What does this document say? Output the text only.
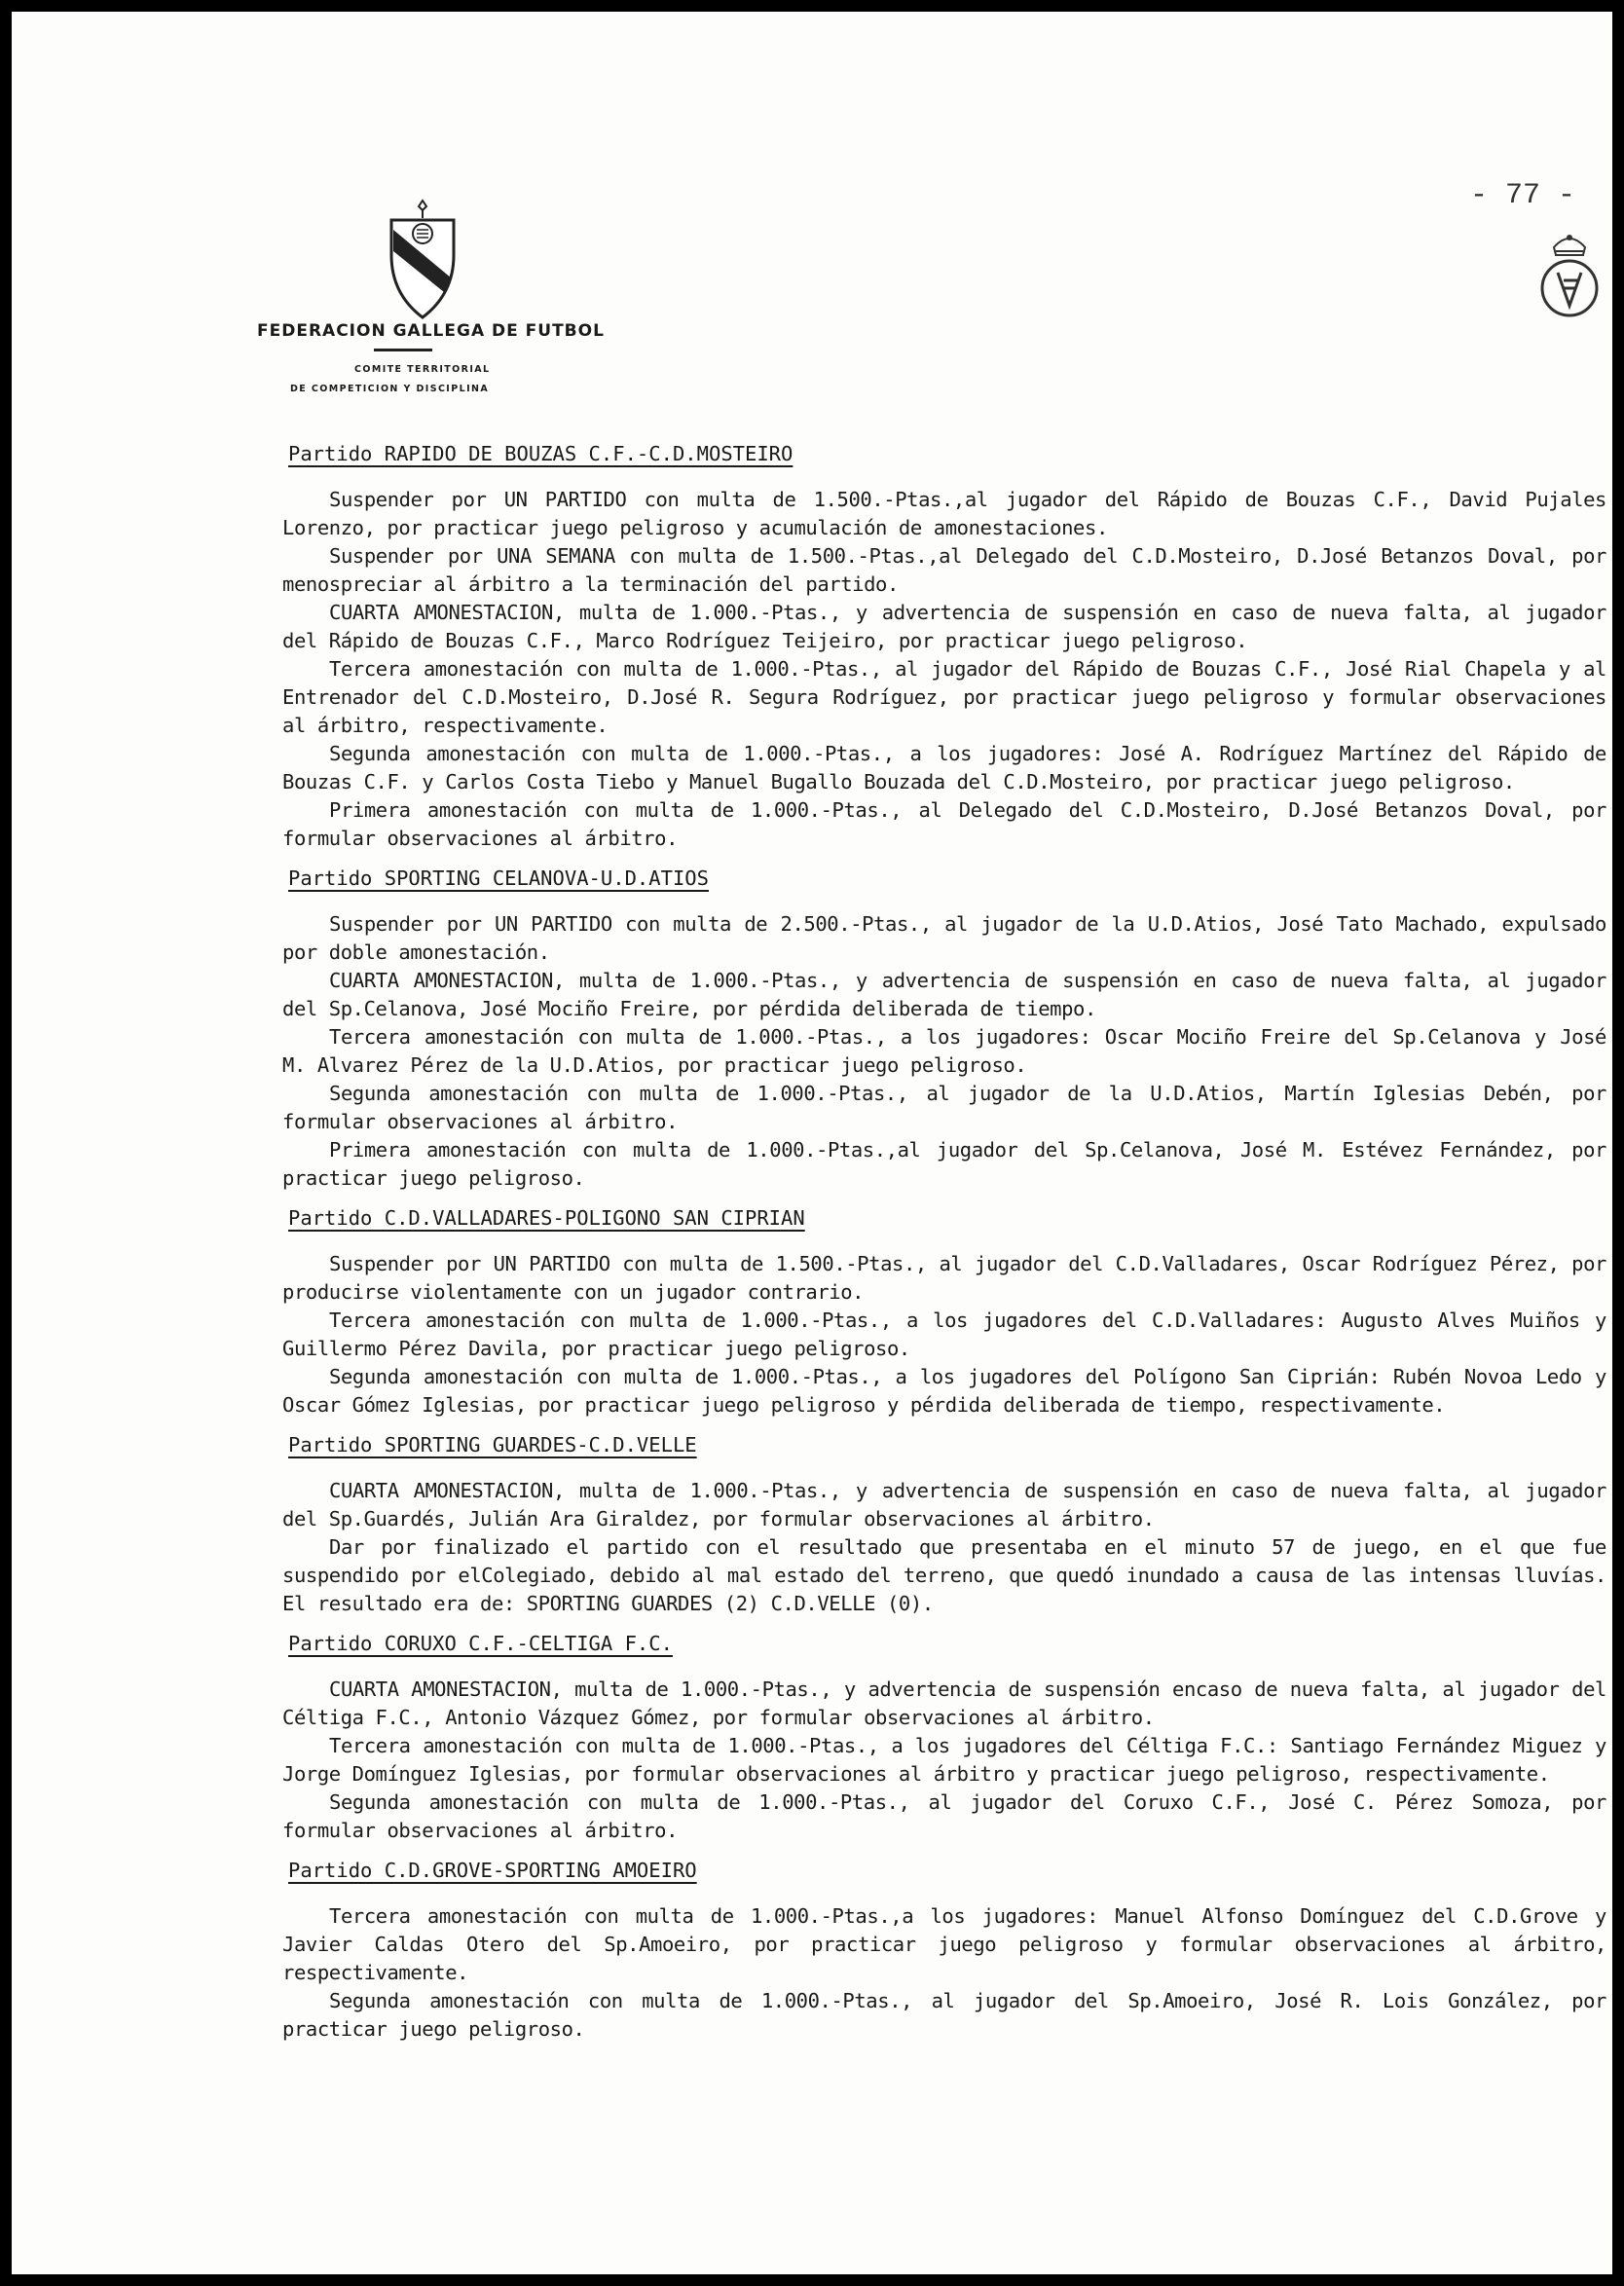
FEDERACION GALLEGA DE FUTBOL
COMITE TERRITORIAL
DE COMPETICION Y DISCIPLINA
- 77 -
Partido RAPIDO DE BOUZAS C.F.-C.D.MOSTEIRO

Suspender por UN PARTIDO con multa de 1.500.-Ptas.,al jugador del Rápido de Bouzas C.F., David Pujales Lorenzo, por practicar juego peligroso y acumulación de amonestaciones.

Suspender por UNA SEMANA con multa de 1.500.-Ptas.,al Delegado del C.D.Mosteiro, D.José Betanzos Doval, por menospreciar al árbitro a la terminación del partido.

CUARTA AMONESTACION, multa de 1.000.-Ptas., y advertencia de suspensión en caso de nueva falta, al jugador del Rápido de Bouzas C.F., Marco Rodríguez Teijeiro, por practicar juego peligroso.

Tercera amonestación con multa de 1.000.-Ptas., al jugador del Rápido de Bouzas C.F., José Rial Chapela y al Entrenador del C.D.Mosteiro, D.José R. Segura Rodríguez, por practicar juego peligroso y formular observaciones al árbitro, respectivamente.

Segunda amonestación con multa de 1.000.-Ptas., a los jugadores: José A. Rodríguez Martínez del Rápido de Bouzas C.F. y Carlos Costa Tiebo y Manuel Bugallo Bouzada del C.D.Mosteiro, por practicar juego peligroso.

Primera amonestación con multa de 1.000.-Ptas., al Delegado del C.D.Mosteiro, D.José Betanzos Doval, por formular observaciones al árbitro.

Partido SPORTING CELANOVA-U.D.ATIOS

Suspender por UN PARTIDO con multa de 2.500.-Ptas., al jugador de la U.D.Atios, José Tato Machado, expulsado por doble amonestación.

CUARTA AMONESTACION, multa de 1.000.-Ptas., y advertencia de suspensión en caso de nueva falta, al jugador del Sp.Celanova, José Mociño Freire, por pérdida deliberada de tiempo.

Tercera amonestación con multa de 1.000.-Ptas., a los jugadores: Oscar Mociño Freire del Sp.Celanova y José M. Alvarez Pérez de la U.D.Atios, por practicar juego peligroso.

Segunda amonestación con multa de 1.000.-Ptas., al jugador de la U.D.Atios, Martín Iglesias Debén, por formular observaciones al árbitro.

Primera amonestación con multa de 1.000.-Ptas.,al jugador del Sp.Celanova, José M. Estévez Fernández, por practicar juego peligroso.

Partido C.D.VALLADARES-POLIGONO SAN CIPRIAN

Suspender por UN PARTIDO con multa de 1.500.-Ptas., al jugador del C.D.Valladares, Oscar Rodríguez Pérez, por producirse violentamente con un jugador contrario.

Tercera amonestación con multa de 1.000.-Ptas., a los jugadores del C.D.Valladares: Augusto Alves Muiños y Guillermo Pérez Davila, por practicar juego peligroso.

Segunda amonestación con multa de 1.000.-Ptas., a los jugadores del Polígono San Ciprián: Rubén Novoa Ledo y Oscar Gómez Iglesias, por practicar juego peligroso y pérdida deliberada de tiempo, respectivamente.

Partido SPORTING GUARDES-C.D.VELLE

CUARTA AMONESTACION, multa de 1.000.-Ptas., y advertencia de suspensión en caso de nueva falta, al jugador del Sp.Guardés, Julián Ara Giraldez, por formular observaciones al árbitro.

Dar por finalizado el partido con el resultado que presentaba en el minuto 57 de juego, en el que fue suspendido por elColegiado, debido al mal estado del terreno, que quedó inundado a causa de las intensas lluvías. El resultado era de: SPORTING GUARDES (2) C.D.VELLE (0).

Partido CORUXO C.F.-CELTIGA F.C.

CUARTA AMONESTACION, multa de 1.000.-Ptas., y advertencia de suspensión encaso de nueva falta, al jugador del Céltiga F.C., Antonio Vázquez Gómez, por formular observaciones al árbitro.

Tercera amonestación con multa de 1.000.-Ptas., a los jugadores del Céltiga F.C.: Santiago Fernández Miguez y Jorge Domínguez Iglesias, por formular observaciones al árbitro y practicar juego peligroso, respectivamente.

Segunda amonestación con multa de 1.000.-Ptas., al jugador del Coruxo C.F., José C. Pérez Somoza, por formular observaciones al árbitro.

Partido C.D.GROVE-SPORTING AMOEIRO

Tercera amonestación con multa de 1.000.-Ptas.,a los jugadores: Manuel Alfonso Domínguez del C.D.Grove y Javier Caldas Otero del Sp.Amoeiro, por practicar juego peligroso y formular observaciones al árbitro, respectivamente.

Segunda amonestación con multa de 1.000.-Ptas., al jugador del Sp.Amoeiro, José R. Lois González, por practicar juego peligroso.
